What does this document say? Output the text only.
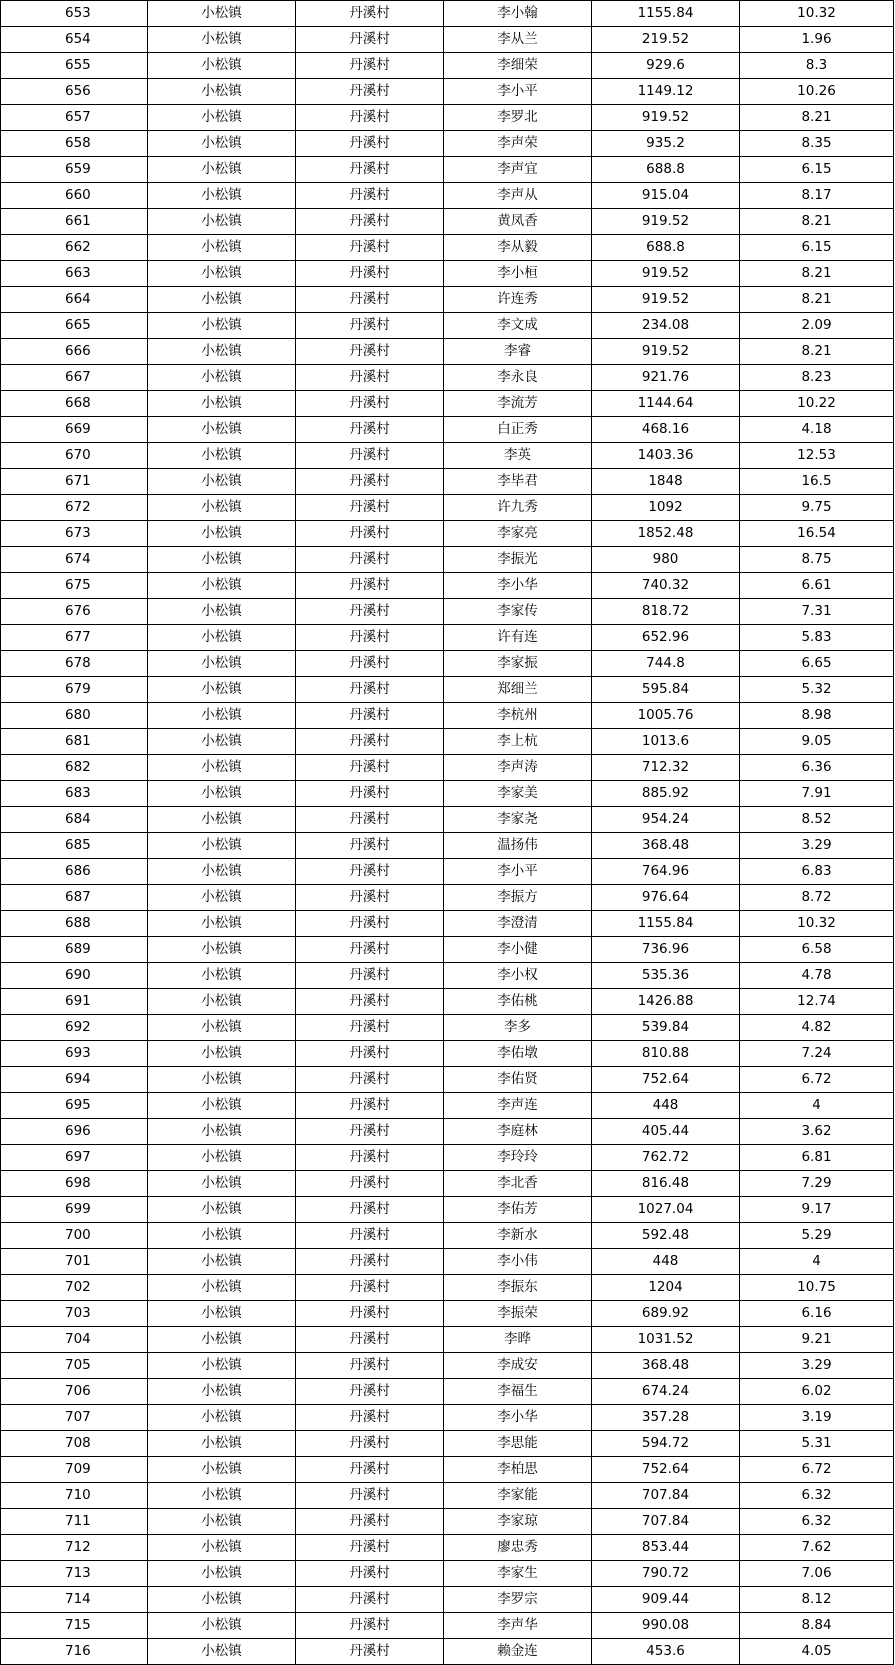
653	小松镇	丹溪村	李小翰	1155.84	10.32
654	小松镇	丹溪村	李从兰	219.52	1.96
655	小松镇	丹溪村	李细荣	929.6	8.3
656	小松镇	丹溪村	李小平	1149.12	10.26
657	小松镇	丹溪村	李罗北	919.52	8.21
658	小松镇	丹溪村	李声荣	935.2	8.35
659	小松镇	丹溪村	李声宜	688.8	6.15
660	小松镇	丹溪村	李声从	915.04	8.17
661	小松镇	丹溪村	黄凤香	919.52	8.21
662	小松镇	丹溪村	李从毅	688.8	6.15
663	小松镇	丹溪村	李小桓	919.52	8.21
664	小松镇	丹溪村	许连秀	919.52	8.21
665	小松镇	丹溪村	李文成	234.08	2.09
666	小松镇	丹溪村	李睿	919.52	8.21
667	小松镇	丹溪村	李永良	921.76	8.23
668	小松镇	丹溪村	李流芳	1144.64	10.22
669	小松镇	丹溪村	白正秀	468.16	4.18
670	小松镇	丹溪村	李英	1403.36	12.53
671	小松镇	丹溪村	李毕君	1848	16.5
672	小松镇	丹溪村	许九秀	1092	9.75
673	小松镇	丹溪村	李家亮	1852.48	16.54
674	小松镇	丹溪村	李振光	980	8.75
675	小松镇	丹溪村	李小华	740.32	6.61
676	小松镇	丹溪村	李家传	818.72	7.31
677	小松镇	丹溪村	许有连	652.96	5.83
678	小松镇	丹溪村	李家振	744.8	6.65
679	小松镇	丹溪村	郑细兰	595.84	5.32
680	小松镇	丹溪村	李杭州	1005.76	8.98
681	小松镇	丹溪村	李上杭	1013.6	9.05
682	小松镇	丹溪村	李声涛	712.32	6.36
683	小松镇	丹溪村	李家美	885.92	7.91
684	小松镇	丹溪村	李家尧	954.24	8.52
685	小松镇	丹溪村	温扬伟	368.48	3.29
686	小松镇	丹溪村	李小平	764.96	6.83
687	小松镇	丹溪村	李振方	976.64	8.72
688	小松镇	丹溪村	李澄清	1155.84	10.32
689	小松镇	丹溪村	李小健	736.96	6.58
690	小松镇	丹溪村	李小权	535.36	4.78
691	小松镇	丹溪村	李佑桃	1426.88	12.74
692	小松镇	丹溪村	李多	539.84	4.82
693	小松镇	丹溪村	李佑墩	810.88	7.24
694	小松镇	丹溪村	李佑贤	752.64	6.72
695	小松镇	丹溪村	李声连	448	4
696	小松镇	丹溪村	李庭林	405.44	3.62
697	小松镇	丹溪村	李玲玲	762.72	6.81
698	小松镇	丹溪村	李北香	816.48	7.29
699	小松镇	丹溪村	李佑芳	1027.04	9.17
700	小松镇	丹溪村	李新水	592.48	5.29
701	小松镇	丹溪村	李小伟	448	4
702	小松镇	丹溪村	李振东	1204	10.75
703	小松镇	丹溪村	李振荣	689.92	6.16
704	小松镇	丹溪村	李晔	1031.52	9.21
705	小松镇	丹溪村	李成安	368.48	3.29
706	小松镇	丹溪村	李福生	674.24	6.02
707	小松镇	丹溪村	李小华	357.28	3.19
708	小松镇	丹溪村	李思能	594.72	5.31
709	小松镇	丹溪村	李柏思	752.64	6.72
710	小松镇	丹溪村	李家能	707.84	6.32
711	小松镇	丹溪村	李家琼	707.84	6.32
712	小松镇	丹溪村	廖忠秀	853.44	7.62
713	小松镇	丹溪村	李家生	790.72	7.06
714	小松镇	丹溪村	李罗宗	909.44	8.12
715	小松镇	丹溪村	李声华	990.08	8.84
716	小松镇	丹溪村	赖金连	453.6	4.05
